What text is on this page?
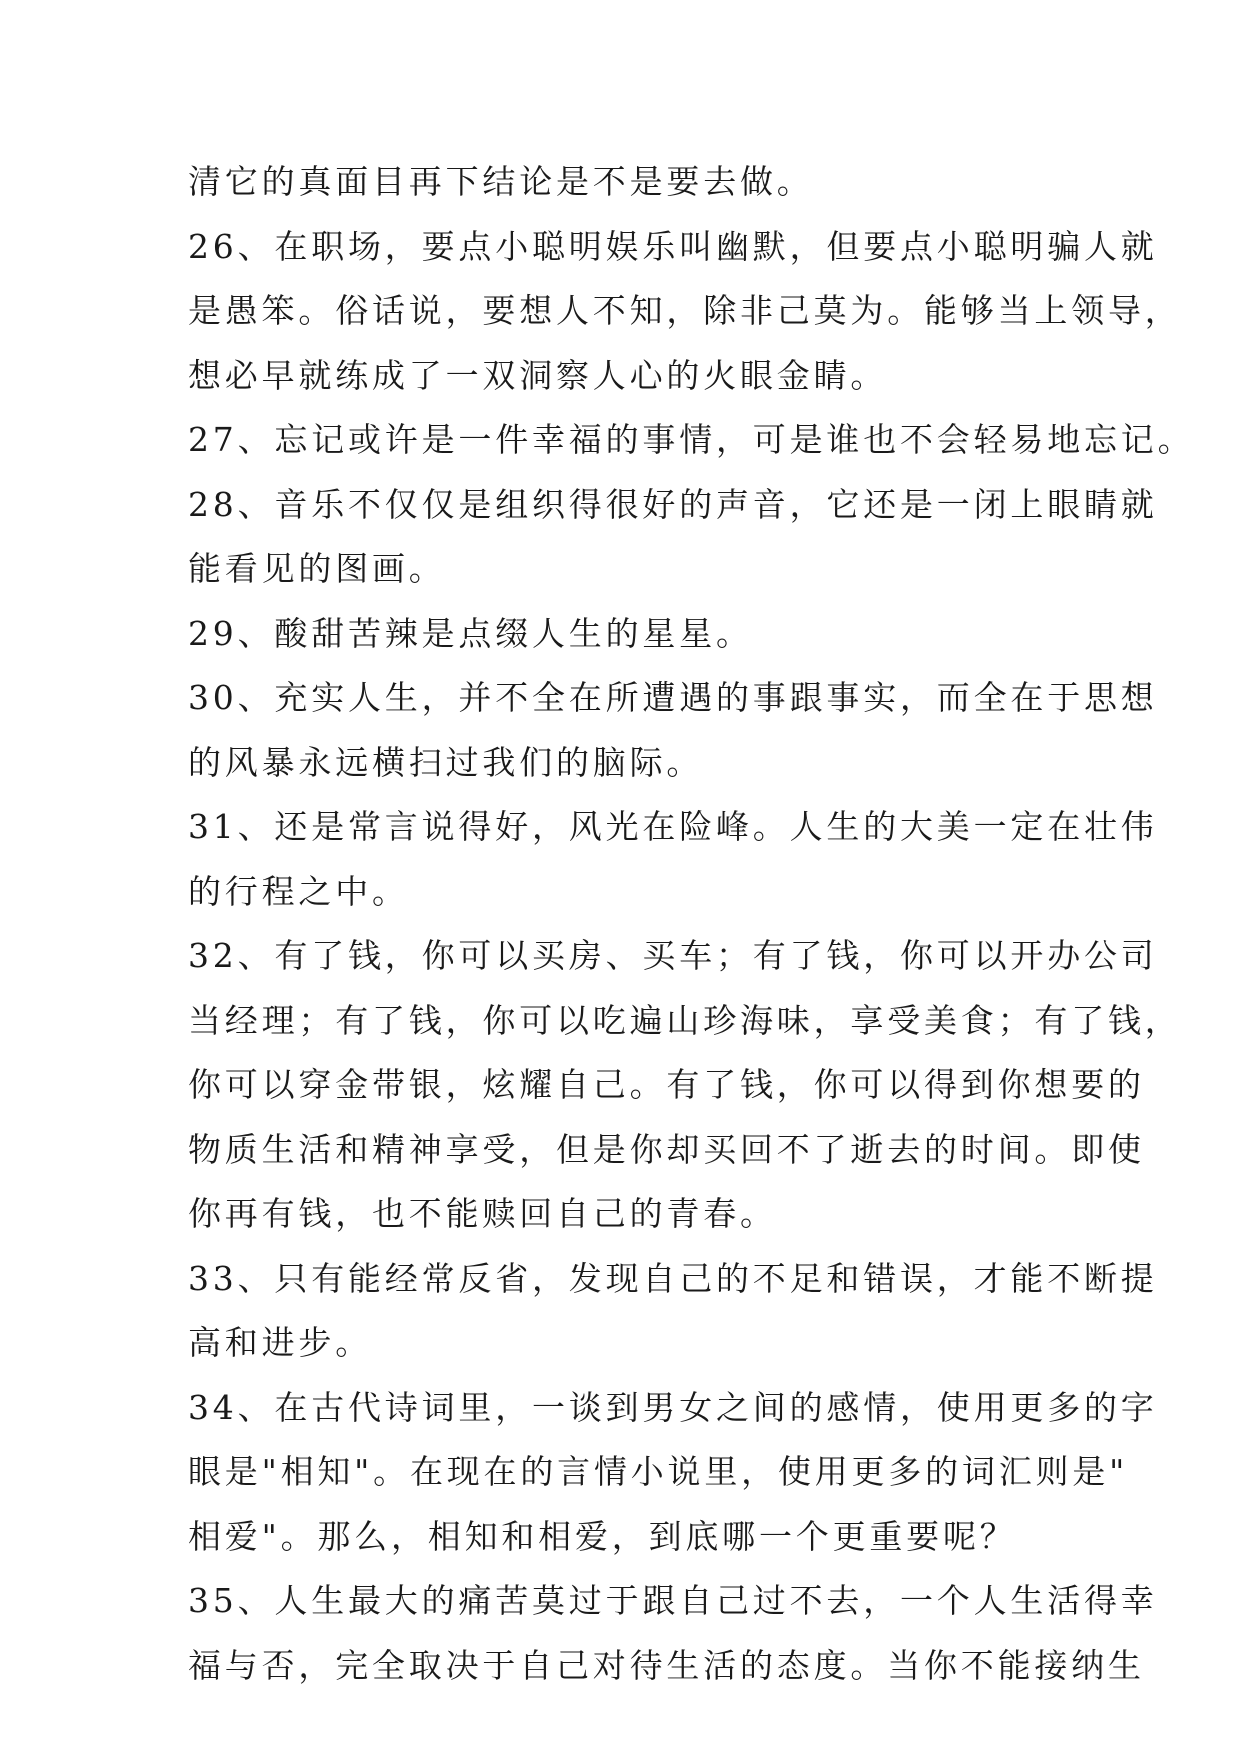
清它的真面目再下结论是不是要去做。
26、在职场，要点小聪明娱乐叫幽默，但要点小聪明骗人就
是愚笨。俗话说，要想人不知，除非己莫为。能够当上领导，
想必早就练成了一双洞察人心的火眼金睛。
27、忘记或许是一件幸福的事情，可是谁也不会轻易地忘记。
28、音乐不仅仅是组织得很好的声音，它还是一闭上眼睛就
能看见的图画。
29、酸甜苦辣是点缀人生的星星。
30、充实人生，并不全在所遭遇的事跟事实，而全在于思想
的风暴永远横扫过我们的脑际。
31、还是常言说得好，风光在险峰。人生的大美一定在壮伟
的行程之中。
32、有了钱，你可以买房、买车；有了钱，你可以开办公司
当经理；有了钱，你可以吃遍山珍海味，享受美食；有了钱，
你可以穿金带银，炫耀自己。有了钱，你可以得到你想要的
物质生活和精神享受，但是你却买回不了逝去的时间。即使
你再有钱，也不能赎回自己的青春。
33、只有能经常反省，发现自己的不足和错误，才能不断提
高和进步。
34、在古代诗词里，一谈到男女之间的感情，使用更多的字
眼是"相知"。在现在的言情小说里，使用更多的词汇则是"
相爱"。那么，相知和相爱，到底哪一个更重要呢？
35、人生最大的痛苦莫过于跟自己过不去，一个人生活得幸
福与否，完全取决于自己对待生活的态度。当你不能接纳生
